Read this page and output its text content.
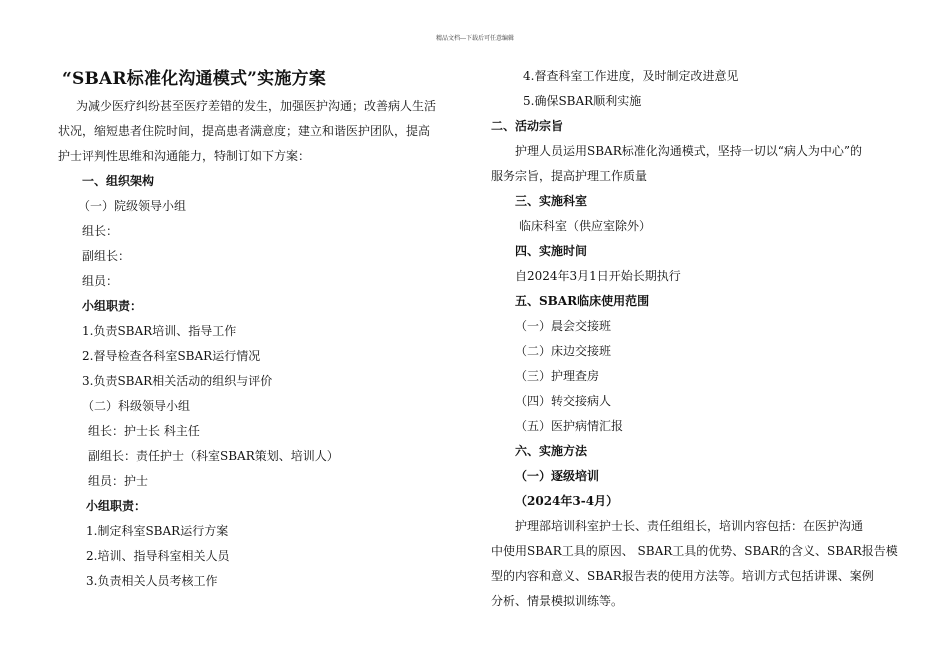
精品文档---下载后可任意编辑
“SBAR标准化沟通模式”实施方案
为减少医疗纠纷甚至医疗差错的发生，加强医护沟通；改善病人生活
状况，缩短患者住院时间，提高患者满意度；建立和谐医护团队，提高
护士评判性思维和沟通能力，特制订如下方案：
一、组织架构
（一）院级领导小组
组长：
副组长：
组员：
小组职责：
1.负责SBAR培训、指导工作
2.督导检查各科室SBAR运行情况
3.负责SBAR相关活动的组织与评价
（二）科级领导小组
组长：护士长 科主任
副组长：责任护士（科室SBAR策划、培训人）
组员：护士
小组职责：
1.制定科室SBAR运行方案
2.培训、指导科室相关人员
3.负责相关人员考核工作
4.督查科室工作进度，及时制定改进意见
5.确保SBAR顺利实施
二、活动宗旨
护理人员运用SBAR标准化沟通模式，坚持一切以“病人为中心”的
服务宗旨，提高护理工作质量
三、实施科室
临床科室（供应室除外）
四、实施时间
自2024年3月1日开始长期执行
五、SBAR临床使用范围
（一）晨会交接班
（二）床边交接班
（三）护理查房
（四）转交接病人
（五）医护病情汇报
六、实施方法
（一）逐级培训
（2024年3-4月）
护理部培训科室护士长、责任组组长，培训内容包括：在医护沟通
中使用SBAR工具的原因、 SBAR工具的优势、SBAR的含义、SBAR报告模
型的内容和意义、SBAR报告表的使用方法等。培训方式包括讲课、案例
分析、情景模拟训练等。
